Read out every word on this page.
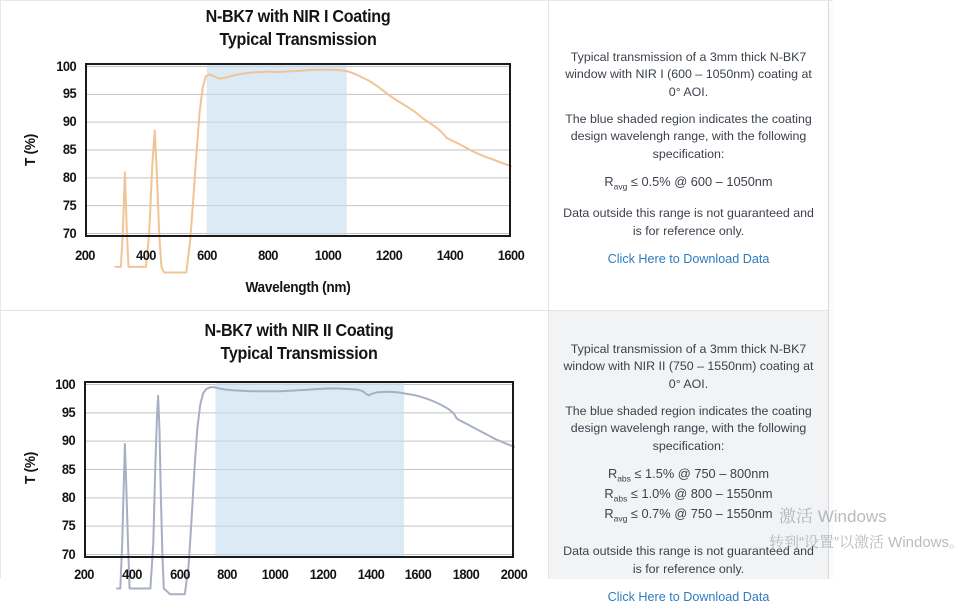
N-BK7 with NIR I Coating
Typical Transmission
T (%)
100
95
90
85
80
75
70
200	400	600	800	1000	1200	1400	1600
Wavelength (nm)

Typical transmission of a 3mm thick N-BK7 window with NIR I (600 – 1050nm) coating at 0° AOI.

The blue shaded region indicates the coating design wavelengh range, with the following specification:

$R_{avg} \le 0.5\%$ @ 600 – 1050nm

Data outside this range is not guaranteed and is for reference only.

Click Here to Download Data
N-BK7 with NIR II Coating
Typical Transmission
T (%)
100
95
90
85
80
75
70
200	400	600	800	1000	1200	1400	1600	1800	2000

Typical transmission of a 3mm thick N-BK7 window with NIR II (750 – 1550nm) coating at 0° AOI.

The blue shaded region indicates the coating design wavelengh range, with the following specification:

$R_{abs} \le 1.5\%$ @ 750 – 800nm
$R_{abs} \le 1.0\%$ @ 800 – 1550nm
$R_{avg} \le 0.7\%$ @ 750 – 1550nm

Data outside this range is not guaranteed and is for reference only.

Click Here to Download Data
激活 Windows
转到“设置”以激活 Windows。
